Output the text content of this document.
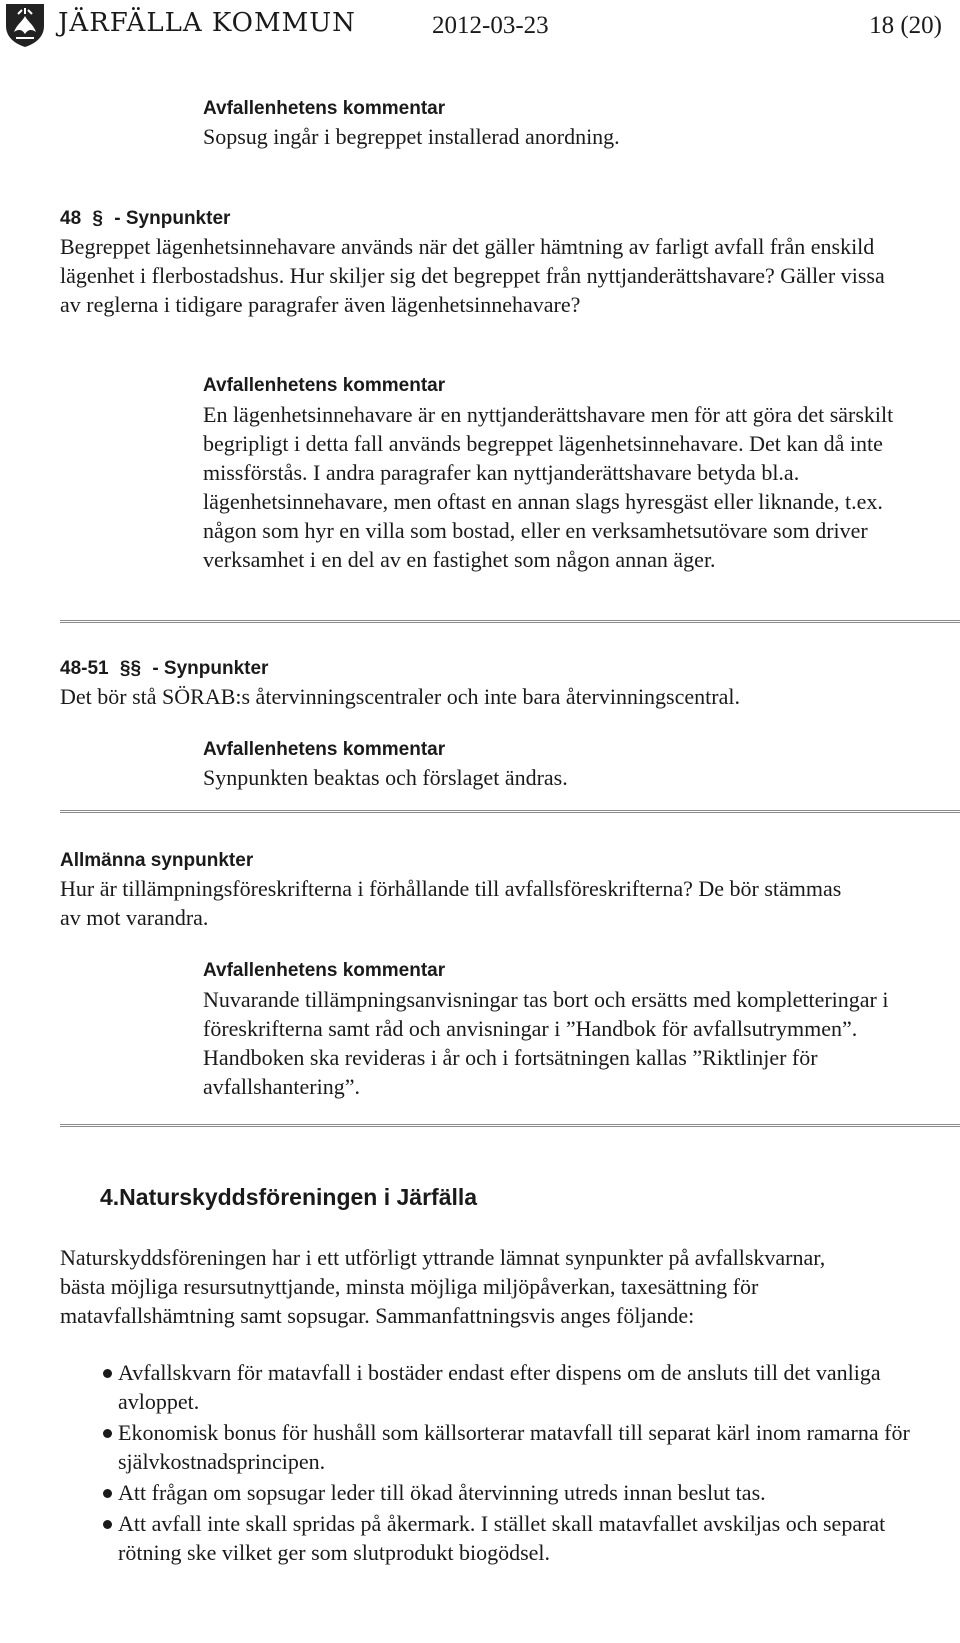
JÄRFÄLLA KOMMUN	2012-03-23	18 (20)
Avfallenhetens kommentar
Sopsug ingår i begreppet installerad anordning.
48 § - Synpunkter
Begreppet lägenhetsinnehavare används när det gäller hämtning av farligt avfall från enskild lägenhet i flerbostadshus. Hur skiljer sig det begreppet från nyttjanderättshavare? Gäller vissa av reglerna i tidigare paragrafer även lägenhetsinnehavare?
Avfallenhetens kommentar
En lägenhetsinnehavare är en nyttjanderättshavare men för att göra det särskilt begripligt i detta fall används begreppet lägenhetsinnehavare. Det kan då inte missförstås. I andra paragrafer kan nyttjanderättshavare betyda bl.a. lägenhetsinnehavare, men oftast en annan slags hyresgäst eller liknande, t.ex. någon som hyr en villa som bostad, eller en verksamhetsutövare som driver verksamhet i en del av en fastighet som någon annan äger.
48-51 §§ - Synpunkter
Det bör stå SÖRAB:s återvinningscentraler och inte bara återvinningscentral.
Avfallenhetens kommentar
Synpunkten beaktas och förslaget ändras.
Allmänna synpunkter
Hur är tillämpningsföreskrifterna i förhållande till avfallsföreskrifterna? De bör stämmas av mot varandra.
Avfallenhetens kommentar
Nuvarande tillämpningsanvisningar tas bort och ersätts med kompletteringar i föreskrifterna samt råd och anvisningar i ”Handbok för avfallsutrymmen”. Handboken ska revideras i år och i fortsätningen kallas ”Riktlinjer för avfallshantering”.
4.Naturskyddsföreningen i Järfälla
Naturskyddsföreningen har i ett utförligt yttrande lämnat synpunkter på avfallskvarnar, bästa möjliga resursutnyttjande, minsta möjliga miljöpåverkan, taxesättning för matavfallshämtning samt sopsugar. Sammanfattningsvis anges följande:
Avfallskvarn för matavfall i bostäder endast efter dispens om de ansluts till det vanliga avloppet.
Ekonomisk bonus för hushåll som källsorterar matavfall till separat kärl inom ramarna för självkostnadsprincipen.
Att frågan om sopsugar leder till ökad återvinning utreds innan beslut tas.
Att avfall inte skall spridas på åkermark. I stället skall matavfallet avskiljas och separat rötning ske vilket ger som slutprodukt biogödsel.
